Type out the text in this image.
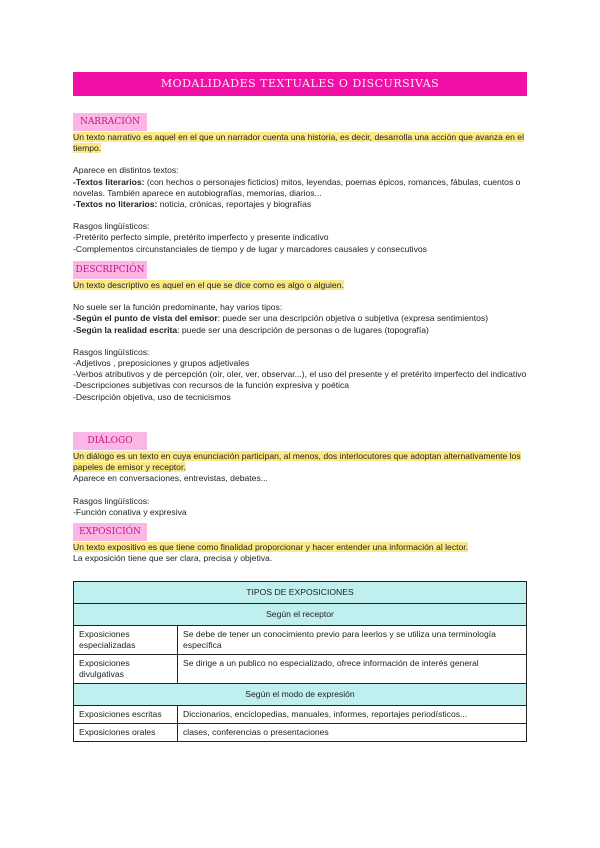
MODALIDADES TEXTUALES O DISCURSIVAS
NARRACIÓN

Un texto narrativo es aquel en el que un narrador cuenta una historia, es decir, desarrolla una acción que avanza en el tiempo.

Aparece en distintos textos:

-Textos literarios: (con hechos o personajes ficticios) mitos, leyendas, poemas épicos, romances, fábulas, cuentos o novelas. También aparece en autobiografías, memorias, diarios...

-Textos no literarios: noticia, crónicas, reportajes y biografías

Rasgos lingüísticos:

-Pretérito perfecto simple, pretérito imperfecto y presente indicativo

-Complementos circunstanciales de tiempo y de lugar y marcadores causales y consecutivos

DESCRIPCIÓN

Un texto descriptivo es aquel en el que se dice como es algo o alguien.

No suele ser la función predominante, hay varios tipos:

-Según el punto de vista del emisor: puede ser una descripción objetiva o subjetiva (expresa sentimientos)

-Según la realidad escrita: puede ser una descripción de personas o de lugares (topografía)

Rasgos lingüísticos:

-Adjetivos , preposiciones y grupos adjetivales

-Verbos atributivos y de percepción (oír, oler, ver, observar...), el uso del presente y el pretérito imperfecto del indicativo

-Descripciones subjetivas con recursos de la función expresiva y poética

-Descripción objetiva, uso de tecnicismos

DIÁLOGO

Un diálogo es un texto en cuya enunciación participan, al menos, dos interlocutores que adoptan alternativamente los papeles de emisor y receptor.

Aparece en conversaciones, entrevistas, debates...

Rasgos lingüísticos:

-Función conativa y expresiva

EXPOSICIÓN

Un texto expositivo es que tiene como finalidad proporcionar y hacer entender una información al lector.

La exposición tiene que ser clara, precisa y objetiva.

TIPOS DE EXPOSICIONES	
Según el receptor	
Exposiciones especializadas	Se debe de tener un conocimiento previo para leerlos y se utiliza una terminología específica
Exposiciones divulgativas	Se dirige a un publico no especializado, ofrece información de interés general
Según el modo de expresión	
Exposiciones escritas	Diccionarios, enciclopedias, manuales, informes, reportajes periodísticos...
Exposiciones orales	clases, conferencias o presentaciones
